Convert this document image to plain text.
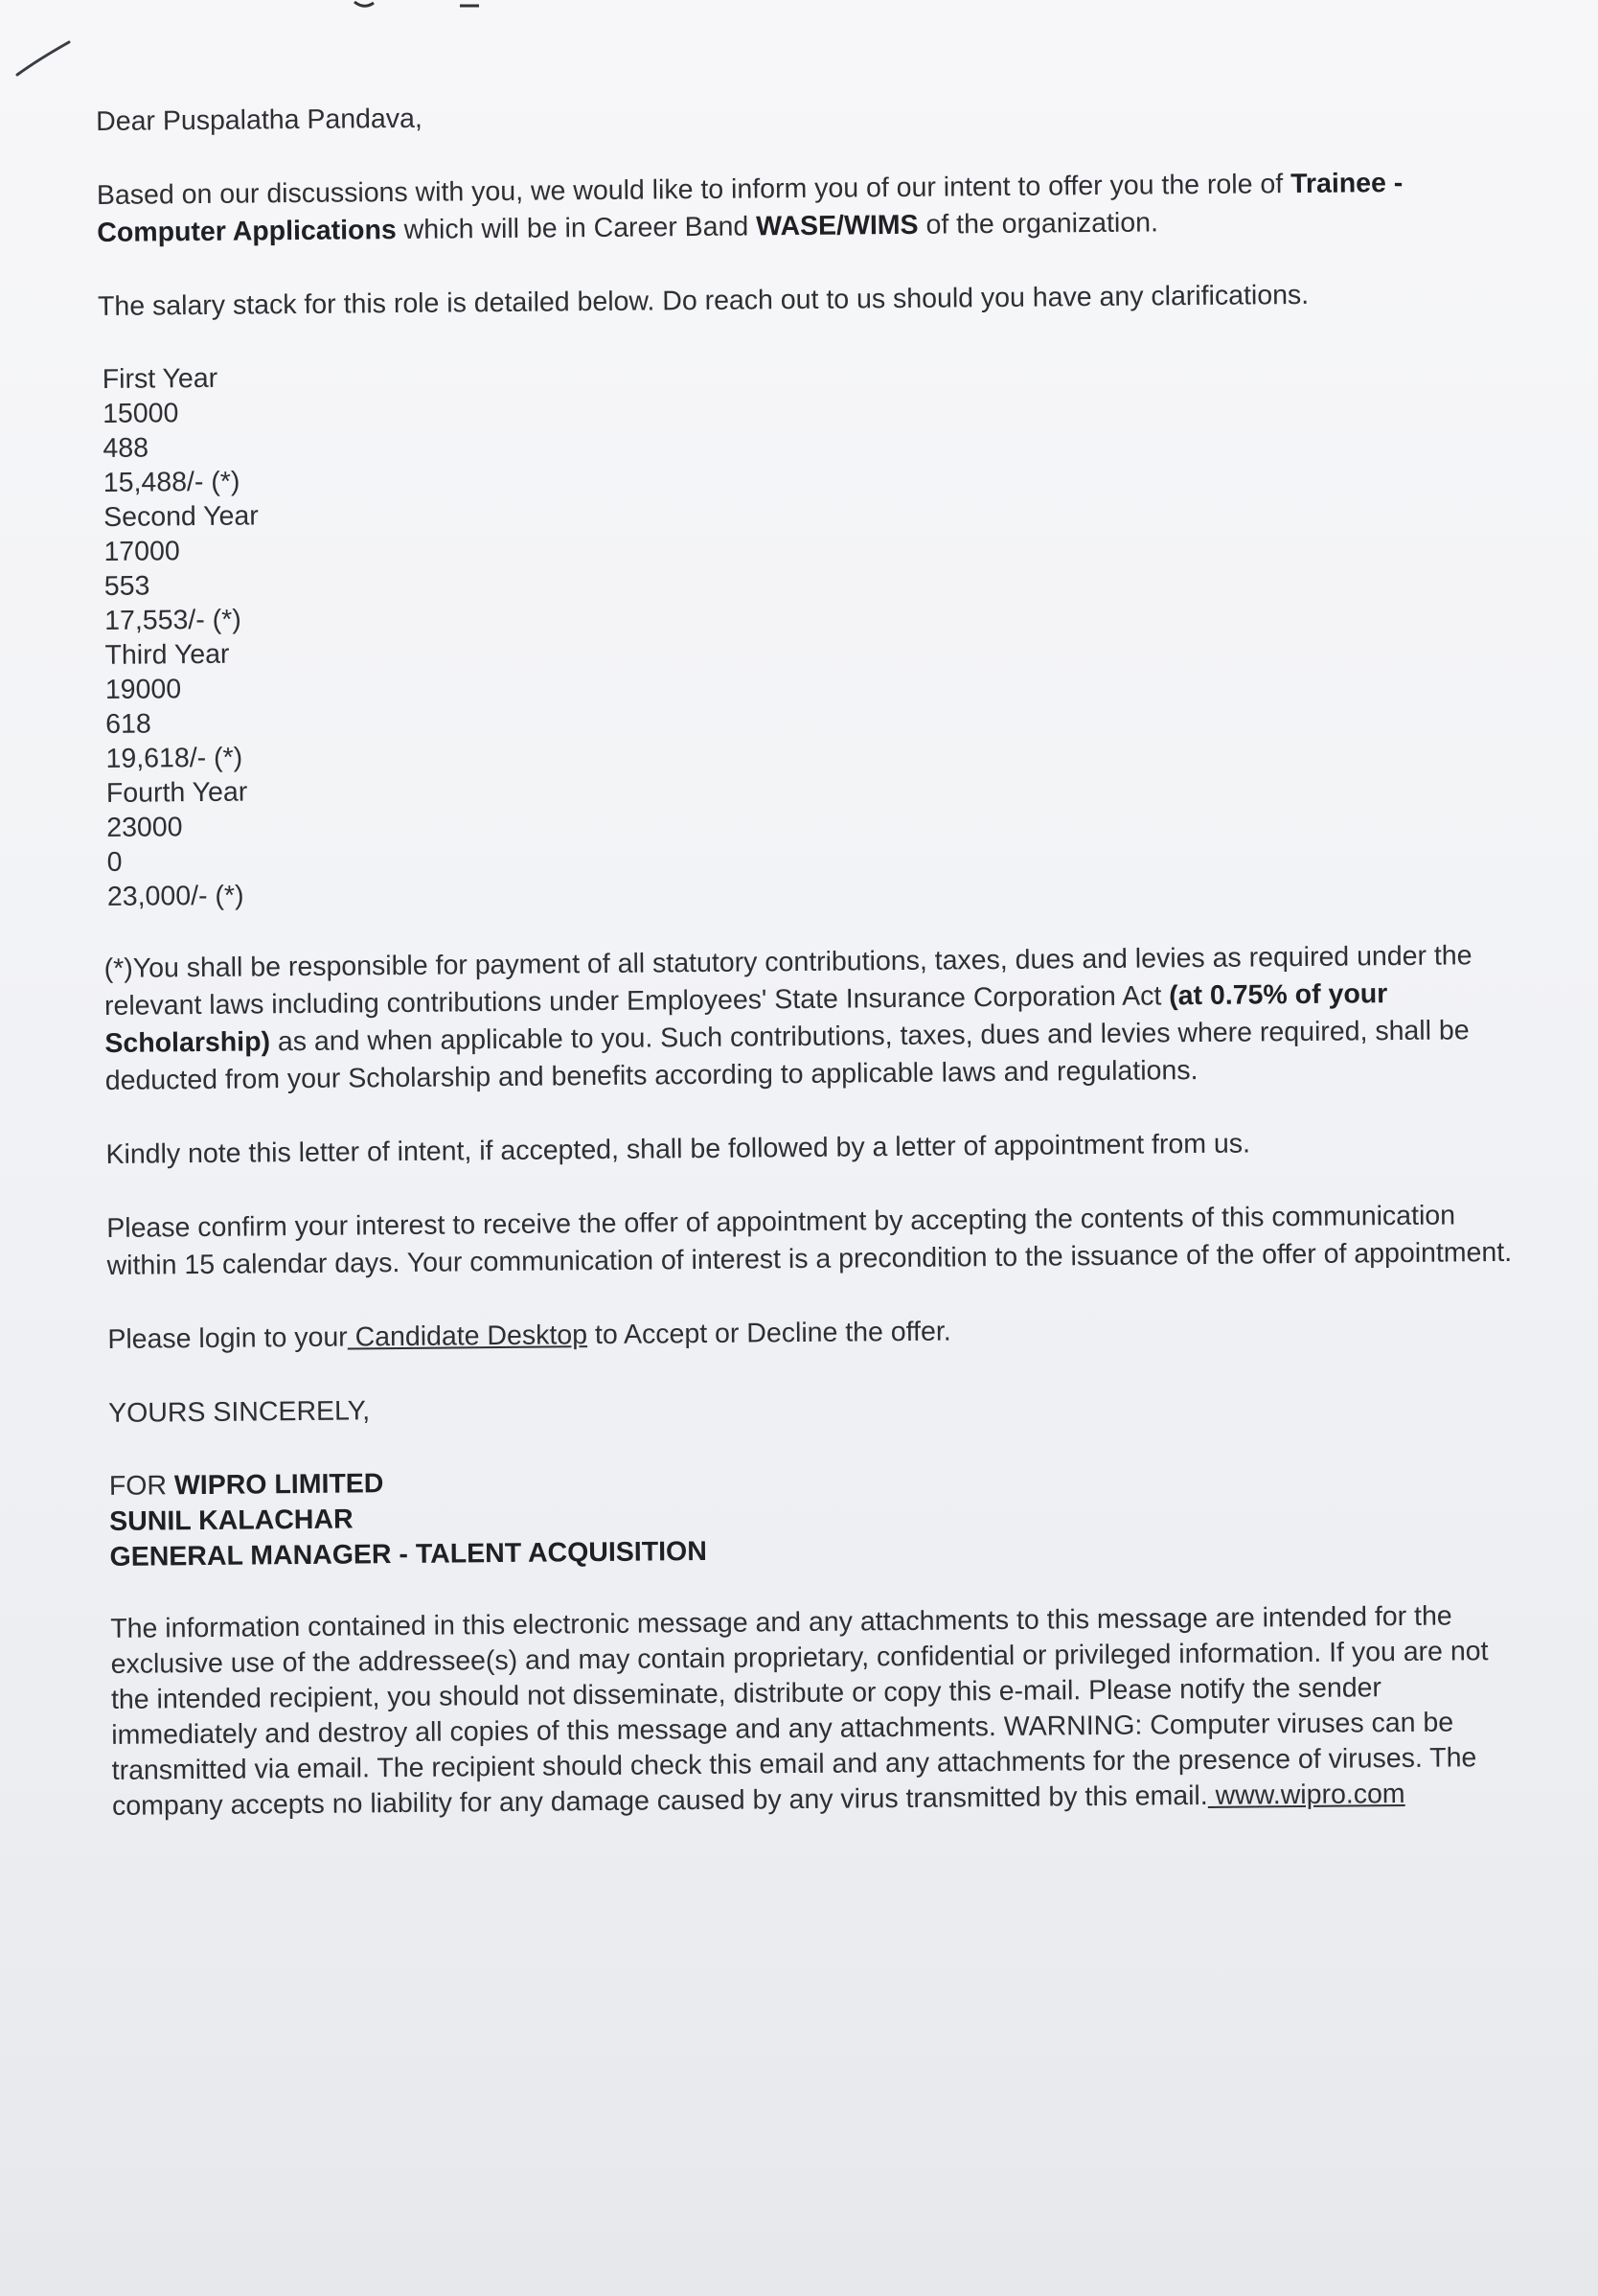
Dear Puspalatha Pandava,

Based on our discussions with you, we would like to inform you of our intent to offer you the role of Trainee - Computer Applications which will be in Career Band WASE/WIMS of the organization.

The salary stack for this role is detailed below. Do reach out to us should you have any clarifications.

First Year
15000
488
15,488/- (*)
Second Year
17000
553
17,553/- (*)
Third Year
19000
618
19,618/- (*)
Fourth Year
23000
0
23,000/- (*)

(*)You shall be responsible for payment of all statutory contributions, taxes, dues and levies as required under the relevant laws including contributions under Employees' State Insurance Corporation Act (at 0.75% of your Scholarship) as and when applicable to you. Such contributions, taxes, dues and levies where required, shall be deducted from your Scholarship and benefits according to applicable laws and regulations.

Kindly note this letter of intent, if accepted, shall be followed by a letter of appointment from us.

Please confirm your interest to receive the offer of appointment by accepting the contents of this communication within 15 calendar days. Your communication of interest is a precondition to the issuance of the offer of appointment.

Please login to your Candidate Desktop to Accept or Decline the offer.

YOURS SINCERELY,

FOR WIPRO LIMITED
SUNIL KALACHAR
GENERAL MANAGER - TALENT ACQUISITION

The information contained in this electronic message and any attachments to this message are intended for the exclusive use of the addressee(s) and may contain proprietary, confidential or privileged information. If you are not the intended recipient, you should not disseminate, distribute or copy this e-mail. Please notify the sender immediately and destroy all copies of this message and any attachments. WARNING: Computer viruses can be transmitted via email. The recipient should check this email and any attachments for the presence of viruses. The company accepts no liability for any damage caused by any virus transmitted by this email. www.wipro.com
